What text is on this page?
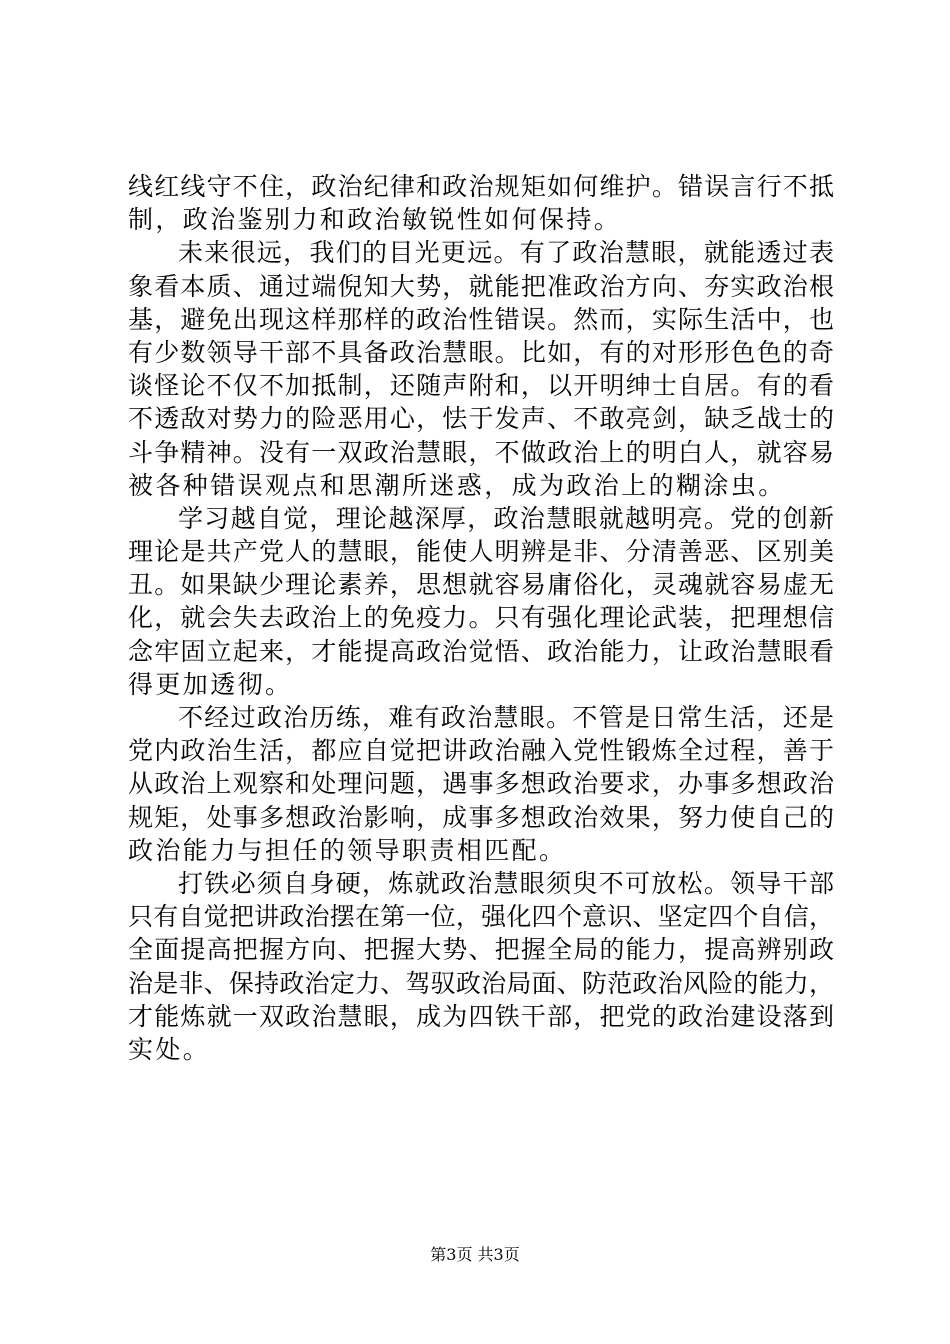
线红线守不住，政治纪律和政治规矩如何维护。错误言行不抵
制，政治鉴别力和政治敏锐性如何保持。
未来很远，我们的目光更远。有了政治慧眼，就能透过表
象看本质、通过端倪知大势，就能把准政治方向、夯实政治根
基，避免出现这样那样的政治性错误。然而，实际生活中，也
有少数领导干部不具备政治慧眼。比如，有的对形形色色的奇
谈怪论不仅不加抵制，还随声附和，以开明绅士自居。有的看
不透敌对势力的险恶用心，怯于发声、不敢亮剑，缺乏战士的
斗争精神。没有一双政治慧眼，不做政治上的明白人，就容易
被各种错误观点和思潮所迷惑，成为政治上的糊涂虫。
学习越自觉，理论越深厚，政治慧眼就越明亮。党的创新
理论是共产党人的慧眼，能使人明辨是非、分清善恶、区别美
丑。如果缺少理论素养，思想就容易庸俗化，灵魂就容易虚无
化，就会失去政治上的免疫力。只有强化理论武装，把理想信
念牢固立起来，才能提高政治觉悟、政治能力，让政治慧眼看
得更加透彻。
不经过政治历练，难有政治慧眼。不管是日常生活，还是
党内政治生活，都应自觉把讲政治融入党性锻炼全过程，善于
从政治上观察和处理问题，遇事多想政治要求，办事多想政治
规矩，处事多想政治影响，成事多想政治效果，努力使自己的
政治能力与担任的领导职责相匹配。
打铁必须自身硬，炼就政治慧眼须臾不可放松。领导干部
只有自觉把讲政治摆在第一位，强化四个意识、坚定四个自信，
全面提高把握方向、把握大势、把握全局的能力，提高辨别政
治是非、保持政治定力、驾驭政治局面、防范政治风险的能力，
才能炼就一双政治慧眼，成为四铁干部，把党的政治建设落到
实处。
第3页 共3页
